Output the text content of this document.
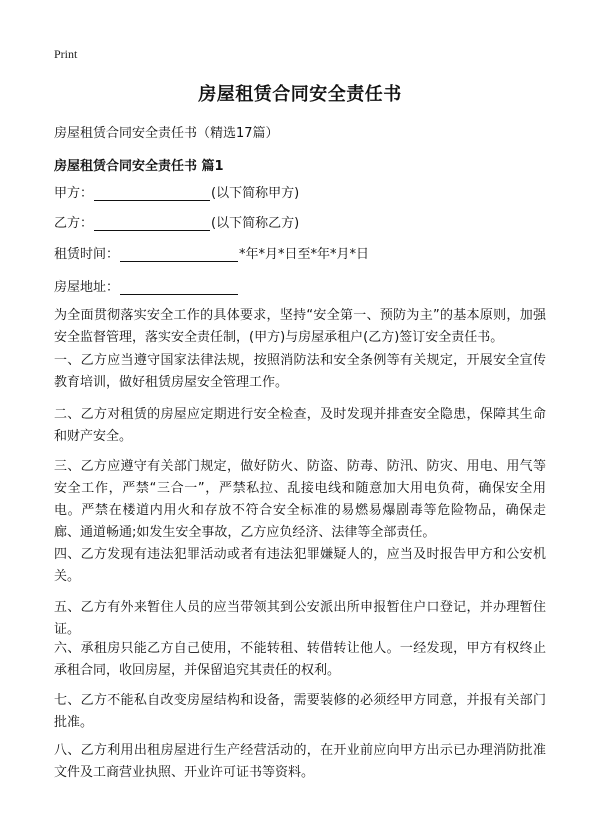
Print
房屋租赁合同安全责任书
房屋租赁合同安全责任书（精选17篇）
房屋租赁合同安全责任书 篇1
甲方：	(以下简称甲方)
乙方：	(以下简称乙方)
租赁时间：	*年*月*日至*年*月*日
房屋地址：
为全面贯彻落实安全工作的具体要求，坚持“安全第一、预防为主”的基本原则，加强安全监督管理，落实安全责任制，(甲方)与房屋承租户(乙方)签订安全责任书。
一、乙方应当遵守国家法律法规，按照消防法和安全条例等有关规定，开展安全宣传教育培训，做好租赁房屋安全管理工作。
二、乙方对租赁的房屋应定期进行安全检查，及时发现并排查安全隐患，保障其生命和财产安全。
三、乙方应遵守有关部门规定，做好防火、防盗、防毒、防汛、防灾、用电、用气等安全工作，严禁“三合一”，严禁私拉、乱接电线和随意加大用电负荷，确保安全用电。严禁在楼道内用火和存放不符合安全标准的易燃易爆剧毒等危险物品，确保走廊、通道畅通;如发生安全事故，乙方应负经济、法律等全部责任。
四、乙方发现有违法犯罪活动或者有违法犯罪嫌疑人的，应当及时报告甲方和公安机关。
五、乙方有外来暂住人员的应当带领其到公安派出所申报暂住户口登记，并办理暂住证。
六、承租房只能乙方自己使用，不能转租、转借转让他人。一经发现，甲方有权终止承租合同，收回房屋，并保留追究其责任的权利。
七、乙方不能私自改变房屋结构和设备，需要装修的必须经甲方同意，并报有关部门批准。
八、乙方利用出租房屋进行生产经营活动的，在开业前应向甲方出示已办理消防批准文件及工商营业执照、开业许可证书等资料。
